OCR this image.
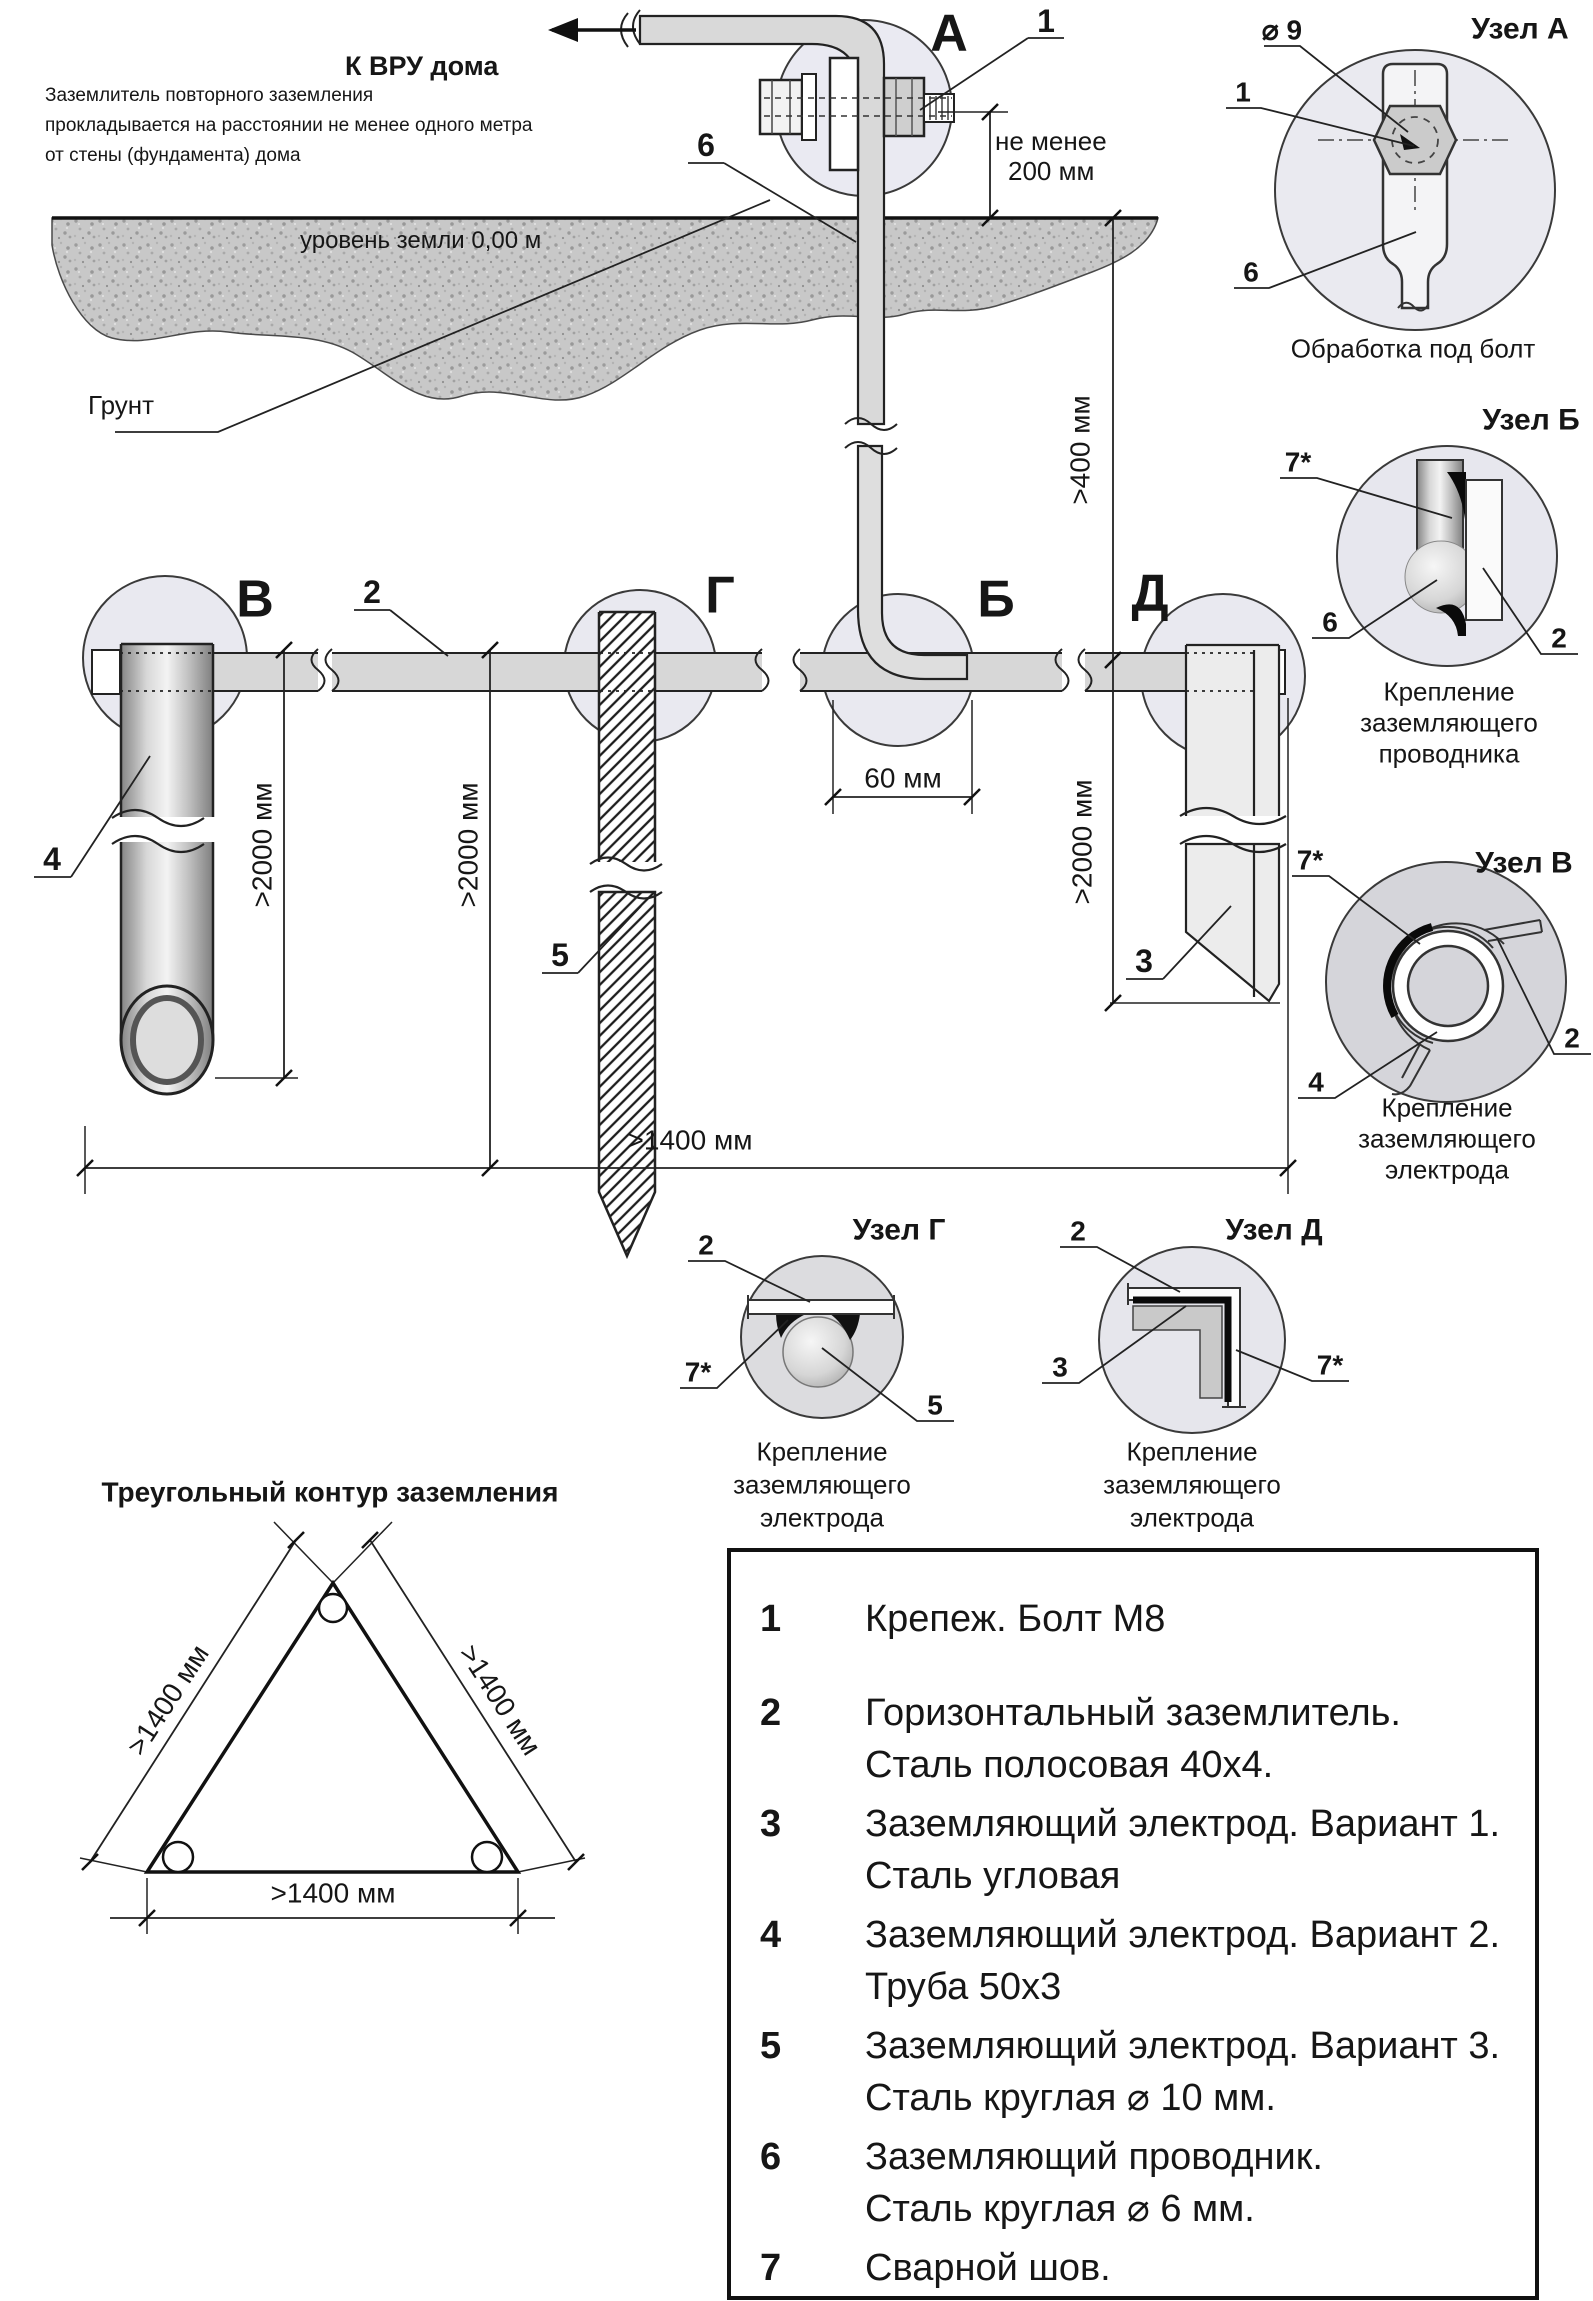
Заземлитель повторного заземления
прокладывается на расстоянии не менее одного метра
от стены (фундамента) дома
К ВРУ дома
уровень земли 0,00 м
Грунт
А
В	Г	Б Д
1
6
2
4
5	3
не менее
200 мм
>400 мм
>2000 мм	>2000 мм	>2000 мм
60 мм
>1400 мм
Узел А
⌀ 9
1
6
Обработка под болт
Узел Б
7*
6
2
Крепление
заземляющего
проводника
Узел В
7*
4
2
Крепление
заземляющего
электрода
Узел Г
2
7*
5
Крепление
заземляющего
электрода
Узел Д
2
3	7*
Крепление
заземляющего
электрода
Треугольный контур заземления
>1400 мм	>1400 мм
>1400 мм
1 Крепеж. Болт М8
2 Горизонтальный заземлитель.
Сталь полосовая 40х4.
3 Заземляющий электрод. Вариант 1.
Сталь угловая
4 Заземляющий электрод. Вариант 2.
Труба 50х3
5 Заземляющий электрод. Вариант 3.
Сталь круглая ⌀ 10 мм.
6 Заземляющий проводник.
Сталь круглая ⌀ 6 мм.
7 Сварной шов.
